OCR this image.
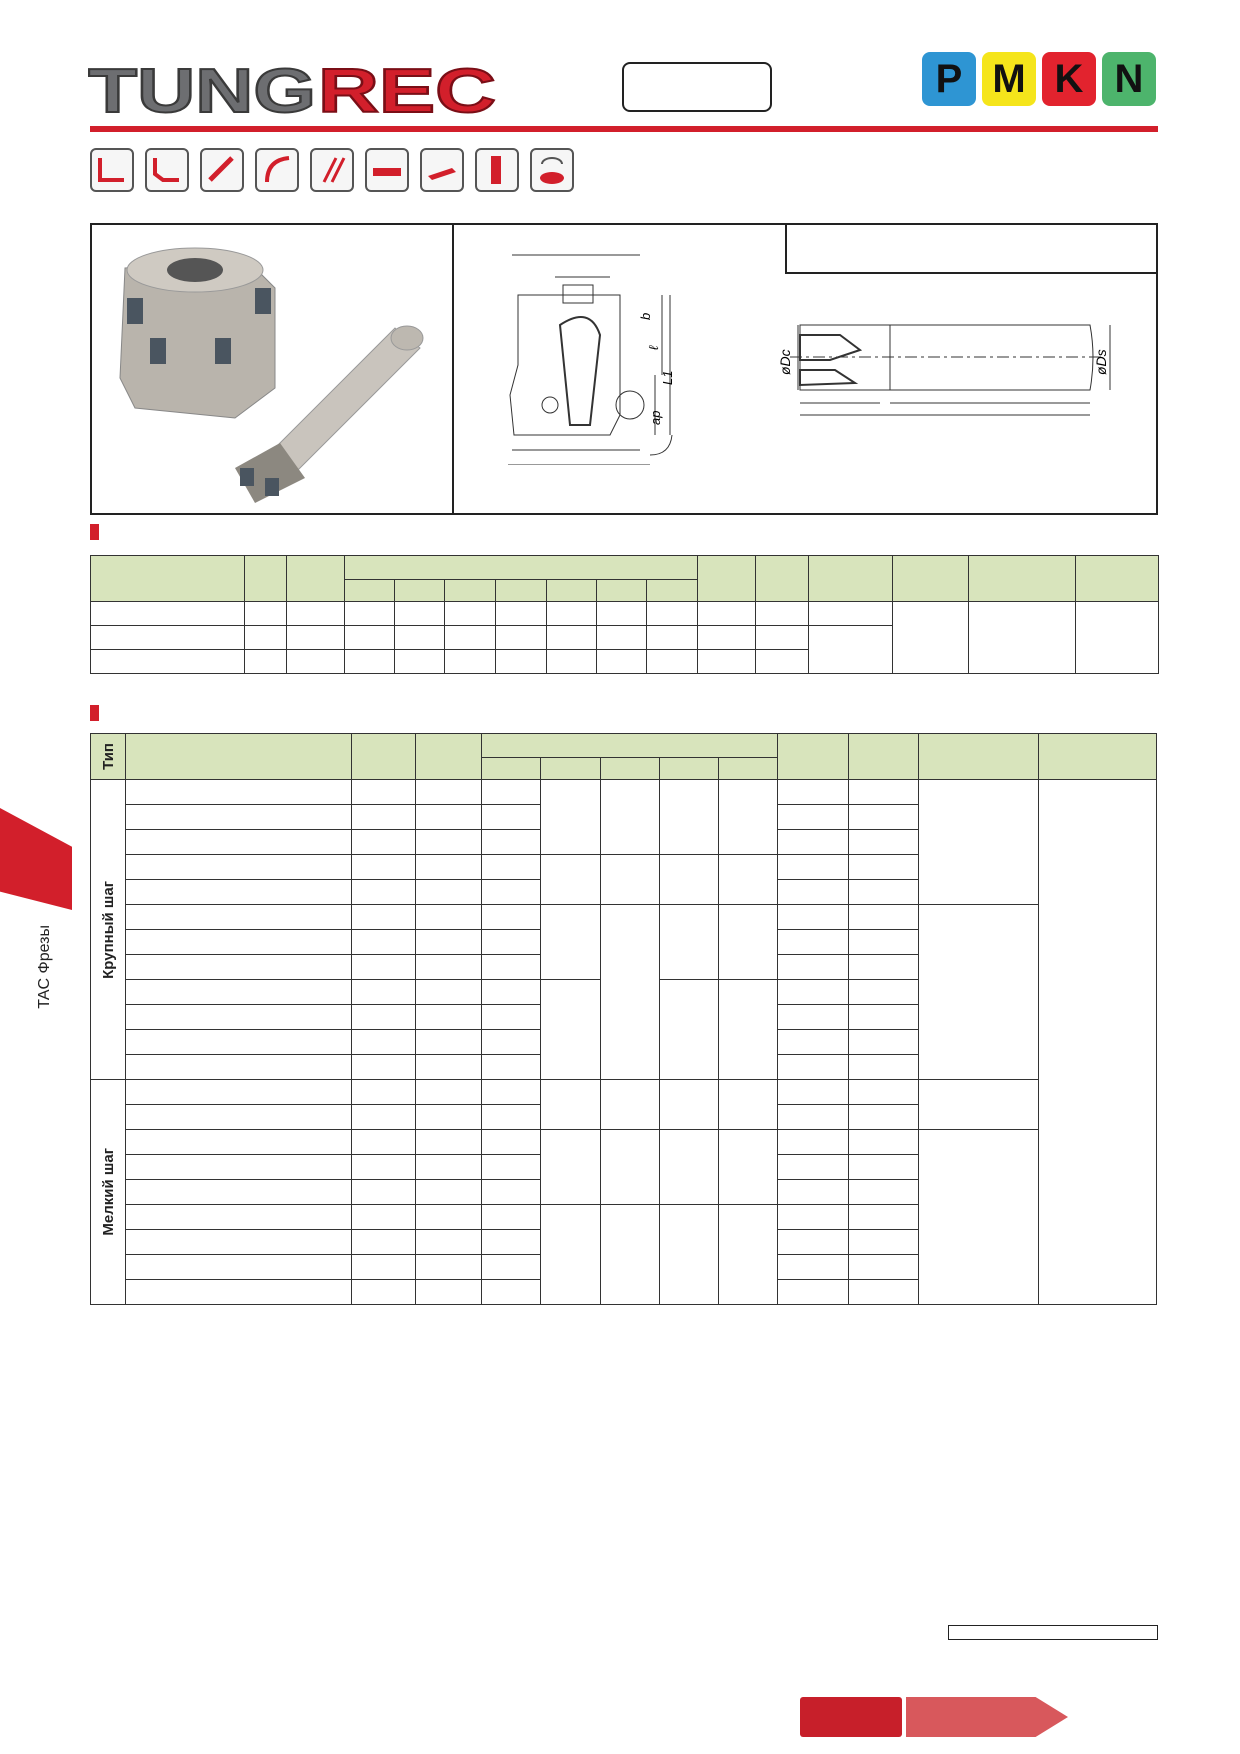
TUNG REC	P M K N
b
ℓ
L1
ap
øDc	øDs

Тип												

Крупный шаг												

Мелкий шаг												

TAC Фрезы
